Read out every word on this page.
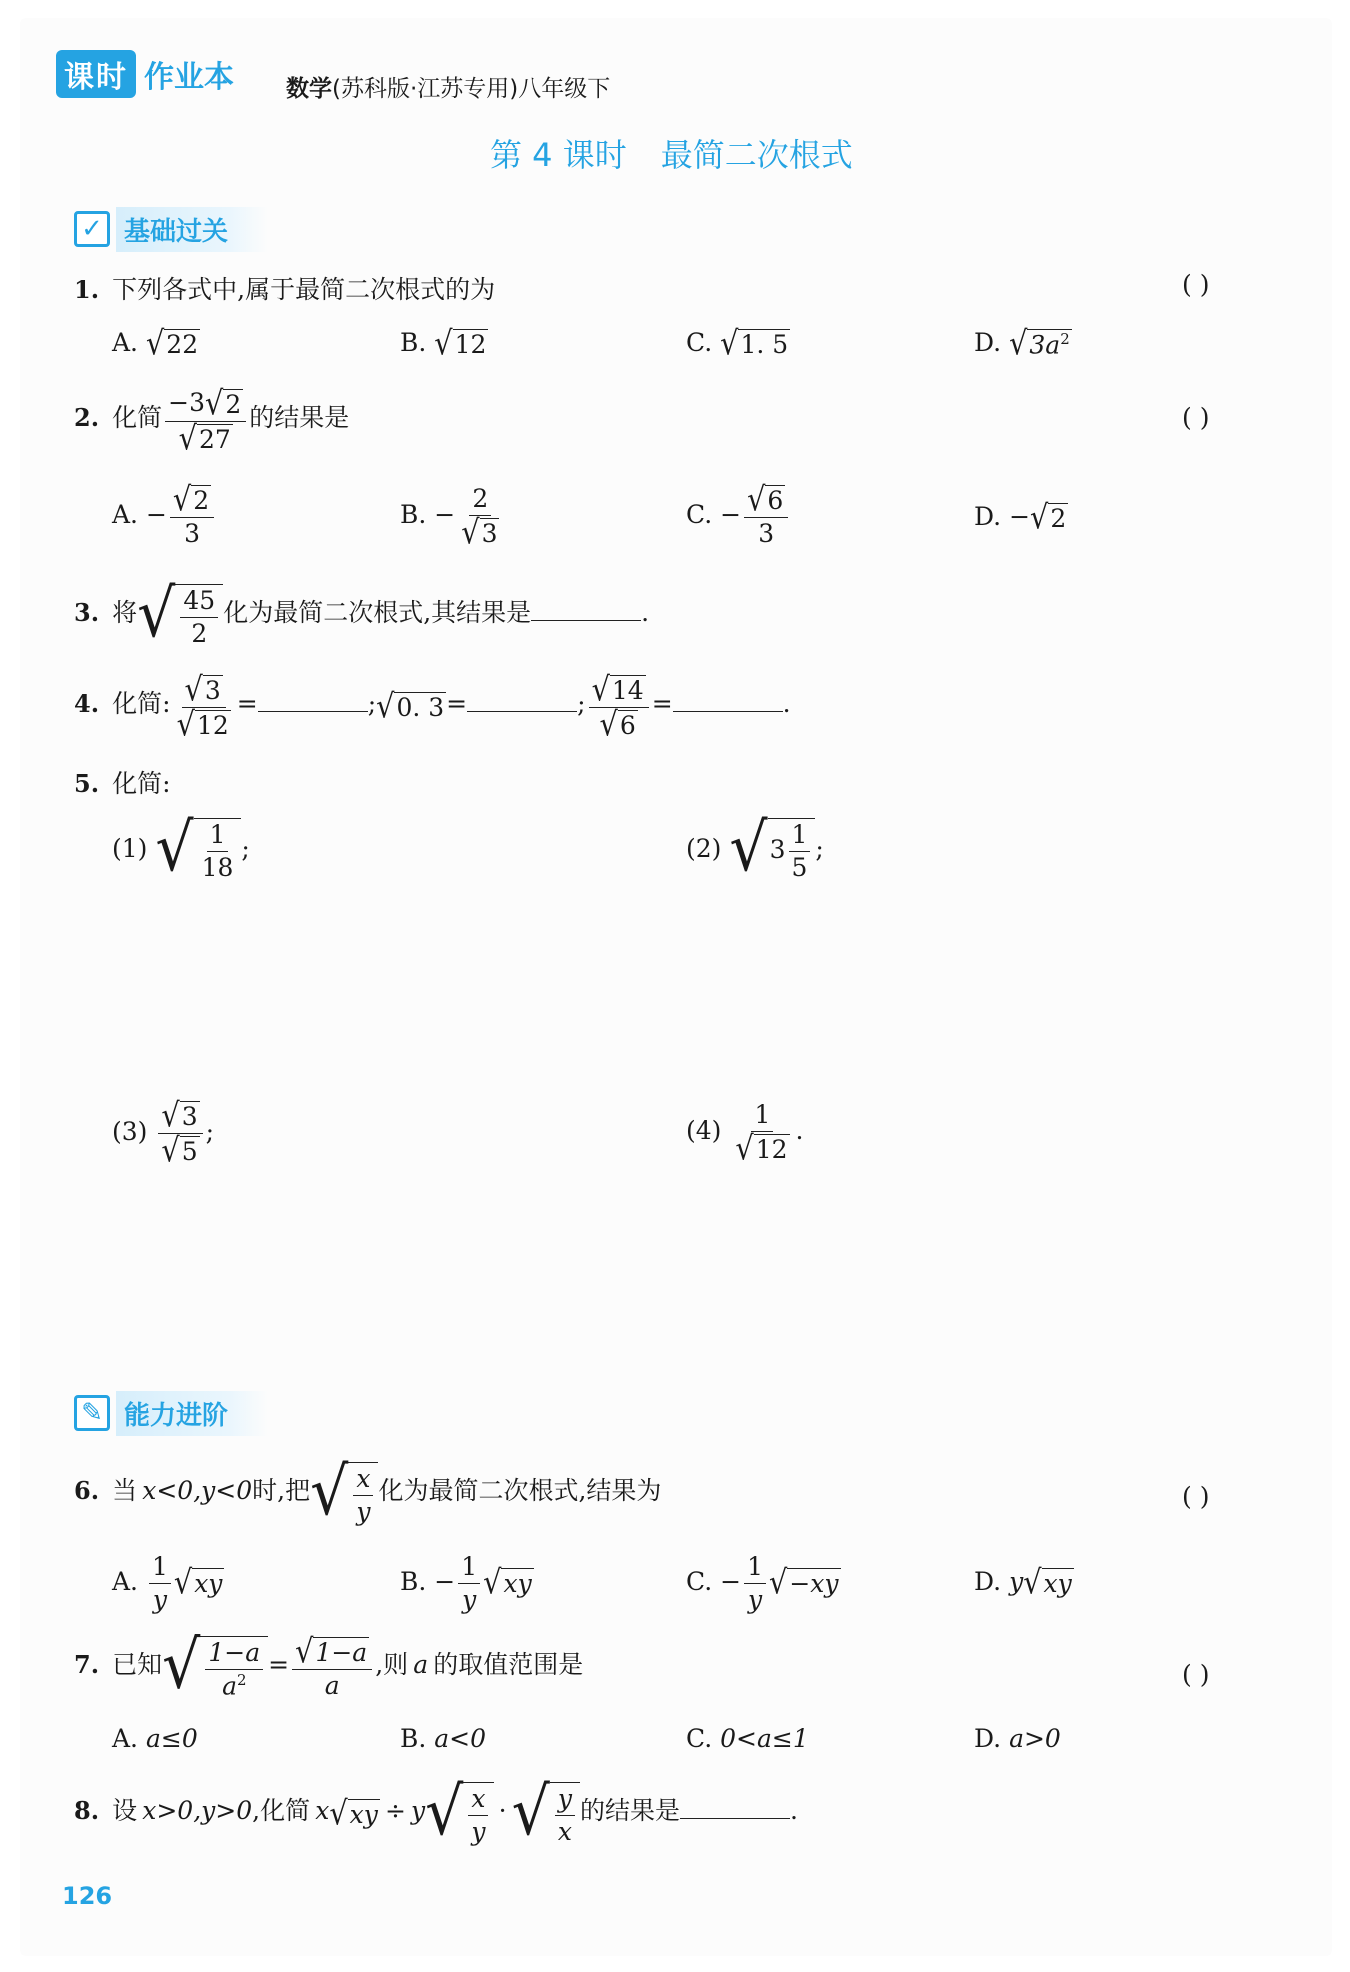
课时 作业本 数学(苏科版·江苏专用)八年级下
第 4 课时 最简二次根式
✓ 基础过关
1. 下列各式中,属于最简二次根式的为	( )
A. √ 22	B. √ 12	C. √ 1. 5	D. √ $3a^2$
2. 化简 $\frac{-3 √ 2}{√ 27}$ 的结果是	( )
A. − $\frac{√ 2}{3}$	B. − $\frac{2}{√ 3}$	C. − $\frac{√ 6}{3}$	D. − √ 2
3. 将 √ $\frac{45}{2}$ 化为最简二次根式,其结果是	.
4. 化简: $\frac{√ 3}{√ 12}$ =	; √ 0. 3 =	; $\frac{√ 14}{√ 6}$ =	.
5. 化简:
(1) √ $\frac{1}{18}$ ;	(2) √ $3 \frac{1}{5}$ ;
$(3) \frac{√ 3}{√ 5}$ ;	$(4) \frac{1}{√ 12}$ .
✎ 能力进阶
6. 当 x<0,y<0时,把 √ $\frac{x}{y}$ 化为最简二次根式,结果为	( )
A. $\frac{1}{y}$ √ xy	B. − $\frac{1}{y}$ √ xy	C. − $\frac{1}{y}$ √ −xy	D. y √ xy
7. 已知 √ $\frac{1-a}{a^2} = \frac{√ 1-a}{a}$ ,则 a 的取值范围是	( )
A. a≤0	B. a<0	C. 0<a≤1	D. a>0
8. 设 x>0,y>0,化简 x √ xy ÷ y √ $\frac{x}{y}$ · √ $\frac{y}{x}$ 的结果是	.
126
